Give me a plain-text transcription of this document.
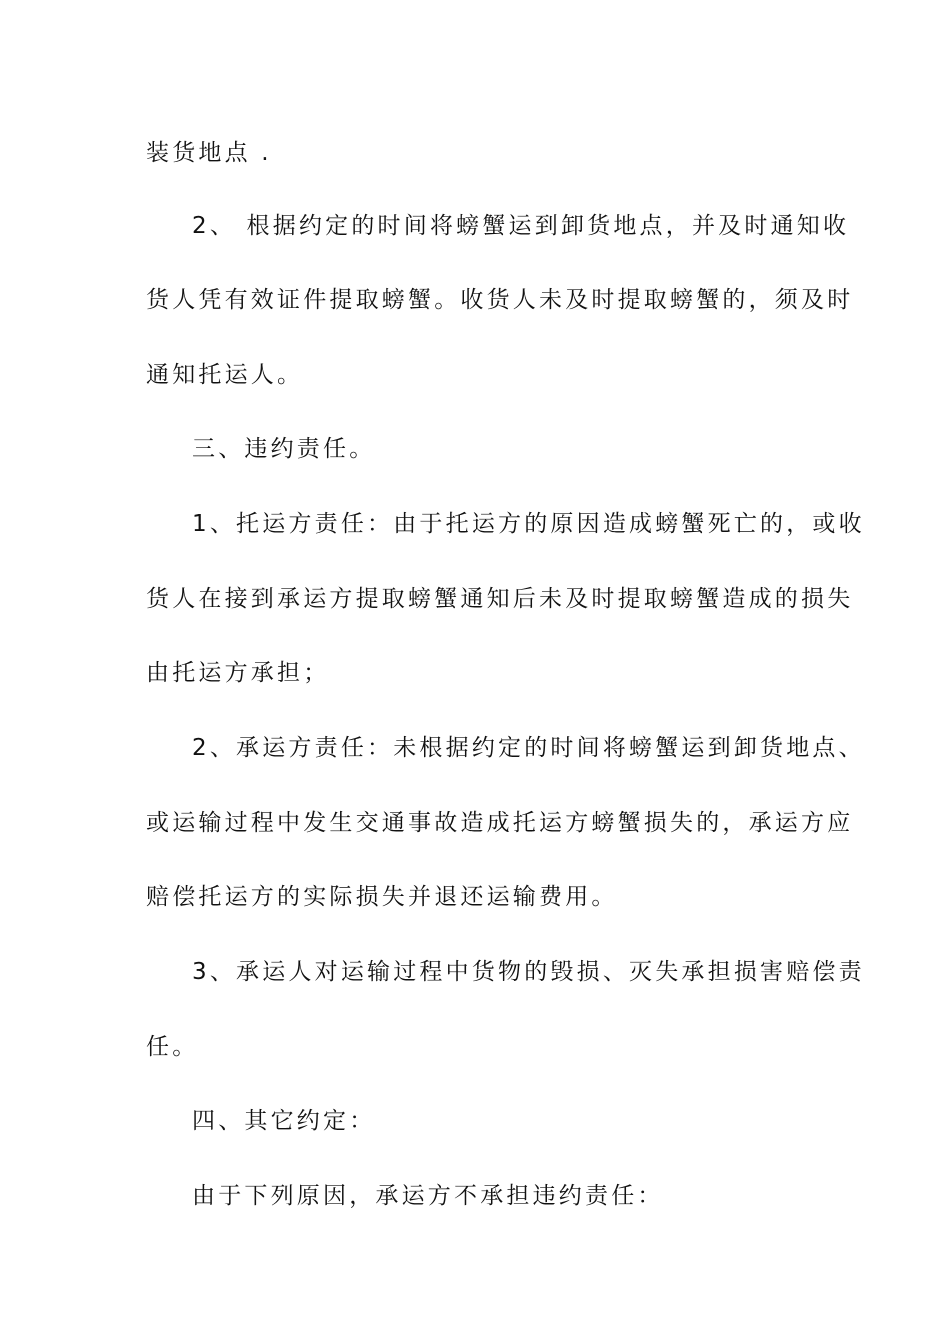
装货地点 .
2、 根据约定的时间将螃蟹运到卸货地点，并及时通知收
货人凭有效证件提取螃蟹。收货人未及时提取螃蟹的，须及时
通知托运人。
三、违约责任。
1、托运方责任：由于托运方的原因造成螃蟹死亡的，或收
货人在接到承运方提取螃蟹通知后未及时提取螃蟹造成的损失
由托运方承担；
2、承运方责任：未根据约定的时间将螃蟹运到卸货地点、
或运输过程中发生交通事故造成托运方螃蟹损失的，承运方应
赔偿托运方的实际损失并退还运输费用。
3、承运人对运输过程中货物的毁损、灭失承担损害赔偿责
任。
四、其它约定：
由于下列原因，承运方不承担违约责任：
